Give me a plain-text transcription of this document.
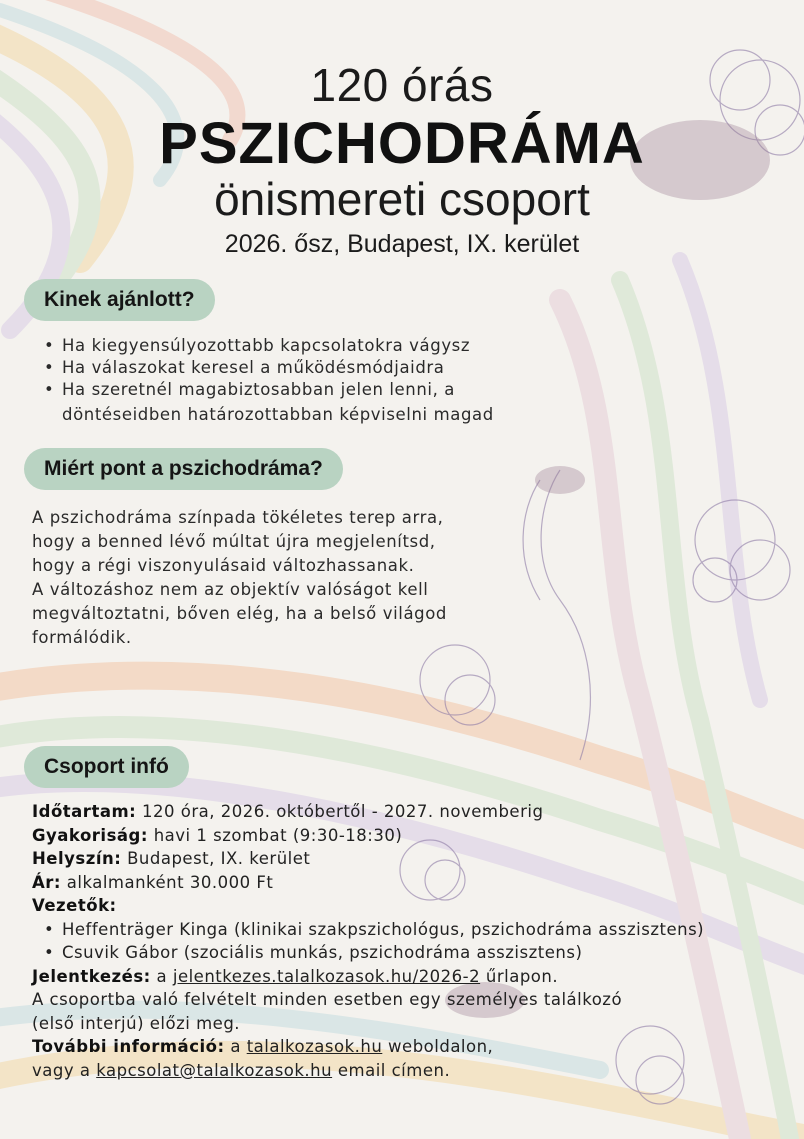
120 órás
PSZICHODRÁMA
önismereti csoport
2026. ősz, Budapest, IX. kerület
Kinek ajánlott?
• Ha kiegyensúlyozottabb kapcsolatokra vágysz
• Ha válaszokat keresel a működésmódjaidra
• Ha szeretnél magabiztosabban jelen lenni, a
döntéseidben határozottabban képviselni magad
Miért pont a pszichodráma?
A pszichodráma színpada tökéletes terep arra,
hogy a benned lévő múltat újra megjelenítsd,
hogy a régi viszonyulásaid változhassanak.
A változáshoz nem az objektív valóságot kell
megváltoztatni, bőven elég, ha a belső világod
formálódik.
Csoport infó
Időtartam: 120 óra, 2026. októbertől - 2027. novemberig
Gyakoriság: havi 1 szombat (9:30-18:30)
Helyszín: Budapest, IX. kerület
Ár: alkalmanként 30.000 Ft
Vezetők:
• Heffenträger Kinga (klinikai szakpszichológus, pszichodráma asszisztens)
• Csuvik Gábor (szociális munkás, pszichodráma asszisztens)
Jelentkezés: a jelentkezes.talalkozasok.hu/2026-2 űrlapon.
A csoportba való felvételt minden esetben egy személyes találkozó
(első interjú) előzi meg.
További információ: a talalkozasok.hu weboldalon,
vagy a kapcsolat@talalkozasok.hu email címen.
